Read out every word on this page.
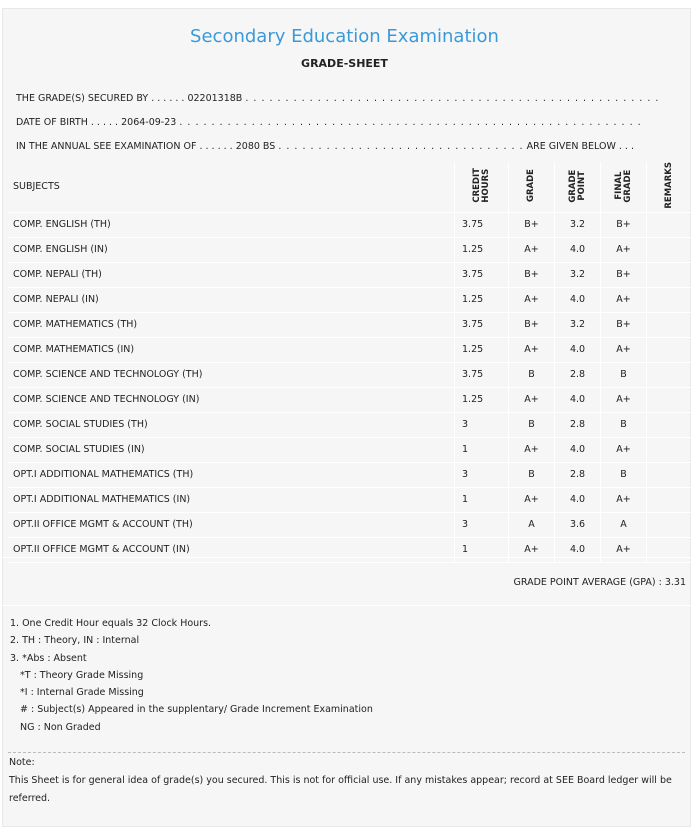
Secondary Education Examination
GRADE-SHEET
THE GRADE(S) SECURED BY . . . . . . 02201318B . . . . . . . . . . . . . . . . . . . . . . . . . . . . . . . . . . . . . . . . . . . . . . . . . . . .
DATE OF BIRTH . . . . . 2064-09-23 . . . . . . . . . . . . . . . . . . . . . . . . . . . . . . . . . . . . . . . . . . . . . . . . . . . . . . . . . .
IN THE ANNUAL SEE EXAMINATION OF . . . . . . 2080 BS . . . . . . . . . . . . . . . . . . . . . . . . . . . . . . . ARE GIVEN BELOW . . .
SUBJECTS	CREDIT HOURS	GRADE	GRADE POINT	FINAL GRADE	REMARKS
COMP. ENGLISH (TH)	3.75	B+	3.2	B+	
COMP. ENGLISH (IN)	1.25	A+	4.0	A+	
COMP. NEPALI (TH)	3.75	B+	3.2	B+	
COMP. NEPALI (IN)	1.25	A+	4.0	A+	
COMP. MATHEMATICS (TH)	3.75	B+	3.2	B+	
COMP. MATHEMATICS (IN)	1.25	A+	4.0	A+	
COMP. SCIENCE AND TECHNOLOGY (TH)	3.75	B	2.8	B	
COMP. SCIENCE AND TECHNOLOGY (IN)	1.25	A+	4.0	A+	
COMP. SOCIAL STUDIES (TH)	3	B	2.8	B	
COMP. SOCIAL STUDIES (IN)	1	A+	4.0	A+	
OPT.I ADDITIONAL MATHEMATICS (TH)	3	B	2.8	B	
OPT.I ADDITIONAL MATHEMATICS (IN)	1	A+	4.0	A+	
OPT.II OFFICE MGMT & ACCOUNT (TH)	3	A	3.6	A	
OPT.II OFFICE MGMT & ACCOUNT (IN)	1	A+	4.0	A+	
GRADE POINT AVERAGE (GPA) : 3.31
1. One Credit Hour equals 32 Clock Hours.
2. TH : Theory, IN : Internal
3. *Abs : Absent
*T : Theory Grade Missing
*I : Internal Grade Missing
# : Subject(s) Appeared in the supplentary/ Grade Increment Examination
NG : Non Graded
Note:
This Sheet is for general idea of grade(s) you secured. This is not for official use. If any mistakes appear; record at SEE Board ledger will be referred.
